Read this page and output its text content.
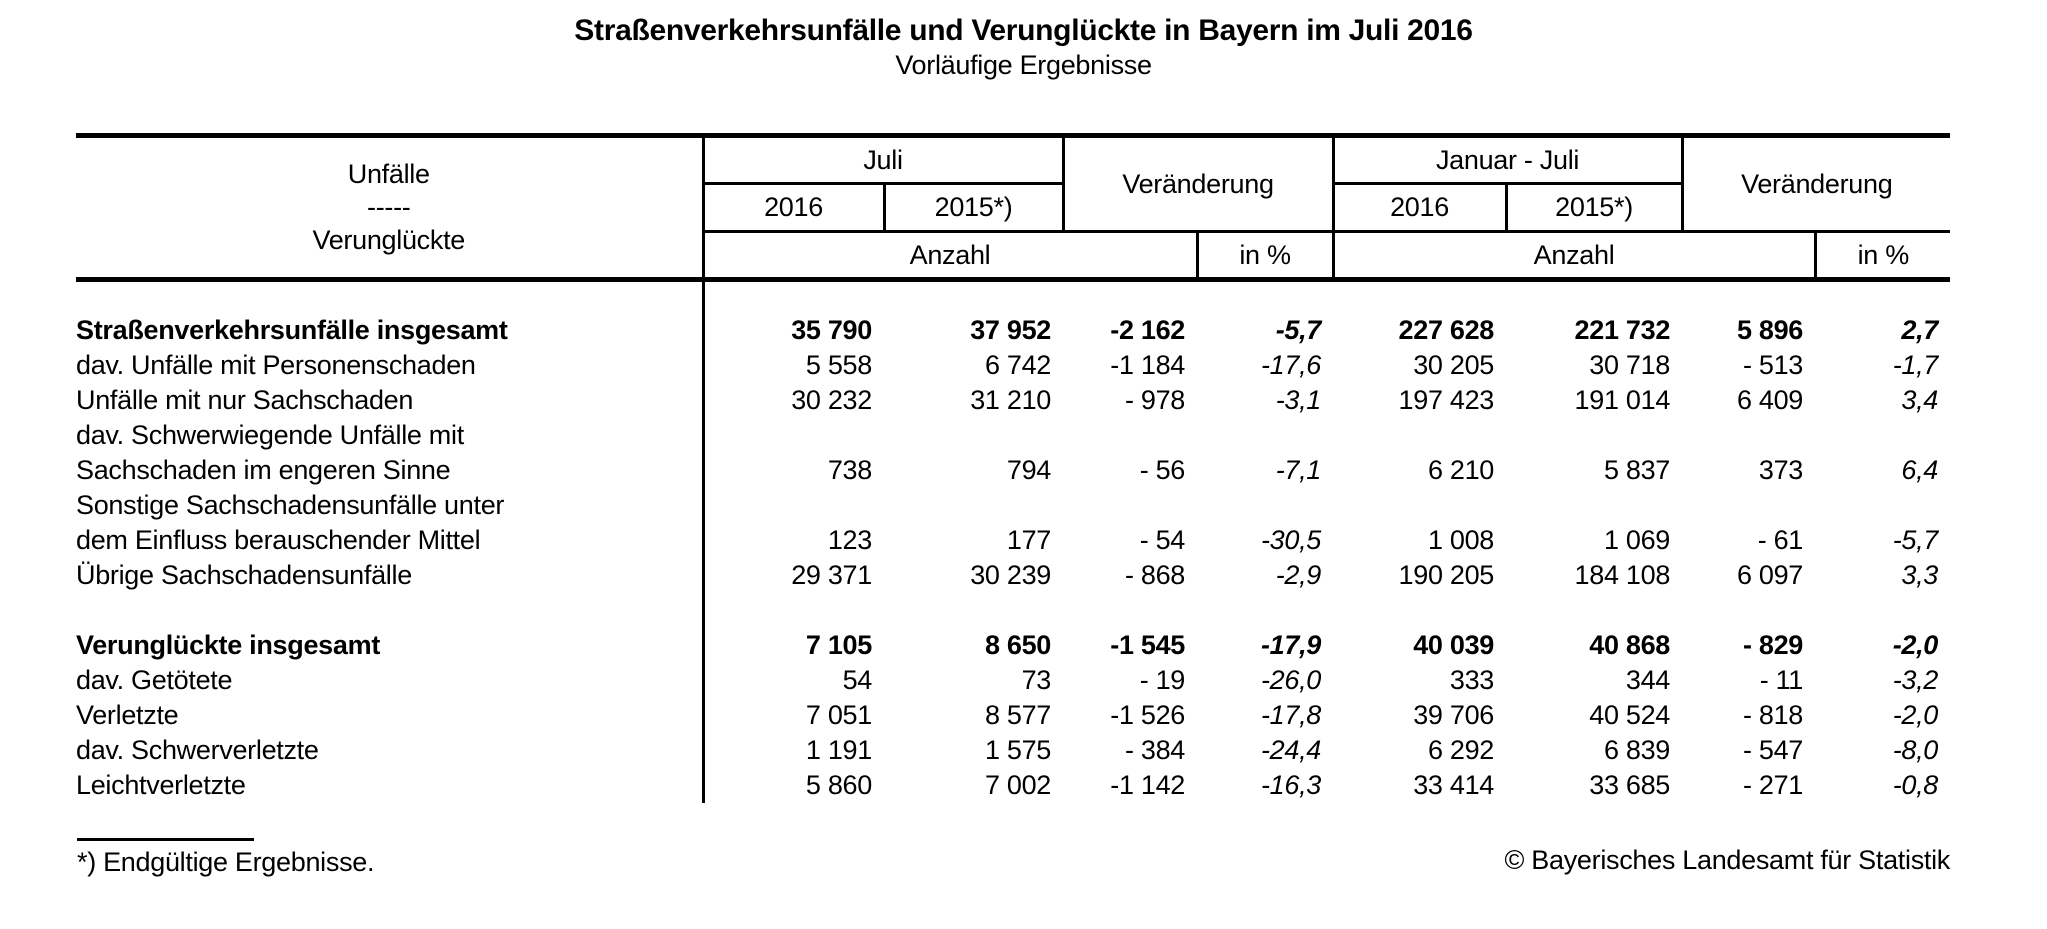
Straßenverkehrsunfälle und Verunglückte in Bayern im Juli 2016
Vorläufige Ergebnisse
Unfälle
-----
Verunglückte	Juli		Veränderung		Januar - Juli		Veränderung	
	2016	2015*)			2016	2015*)		
	Anzahl			in %	Anzahl			in %

Straßenverkehrsunfälle insgesamt	35 790	37 952	-2 162	-5,7	227 628	221 732	5 896	2,7
dav. Unfälle mit Personenschaden	5 558	6 742	-1 184	-17,6	30 205	30 718	- 513	-1,7
Unfälle mit nur Sachschaden	30 232	31 210	- 978	-3,1	197 423	191 014	6 409	3,4
dav. Schwerwiegende Unfälle mit								
Sachschaden im engeren Sinne	738	794	- 56	-7,1	6 210	5 837	373	6,4
Sonstige Sachschadensunfälle unter								
dem Einfluss berauschender Mittel	123	177	- 54	-30,5	1 008	1 069	- 61	-5,7
Übrige Sachschadensunfälle	29 371	30 239	- 868	-2,9	190 205	184 108	6 097	3,3

Verunglückte insgesamt	7 105	8 650	-1 545	-17,9	40 039	40 868	- 829	-2,0
dav. Getötete	54	73	- 19	-26,0	333	344	- 11	-3,2
Verletzte	7 051	8 577	-1 526	-17,8	39 706	40 524	- 818	-2,0
dav. Schwerverletzte	1 191	1 575	- 384	-24,4	6 292	6 839	- 547	-8,0
Leichtverletzte	5 860	7 002	-1 142	-16,3	33 414	33 685	- 271	-0,8
*) Endgültige Ergebnisse.	© Bayerisches Landesamt für Statistik
